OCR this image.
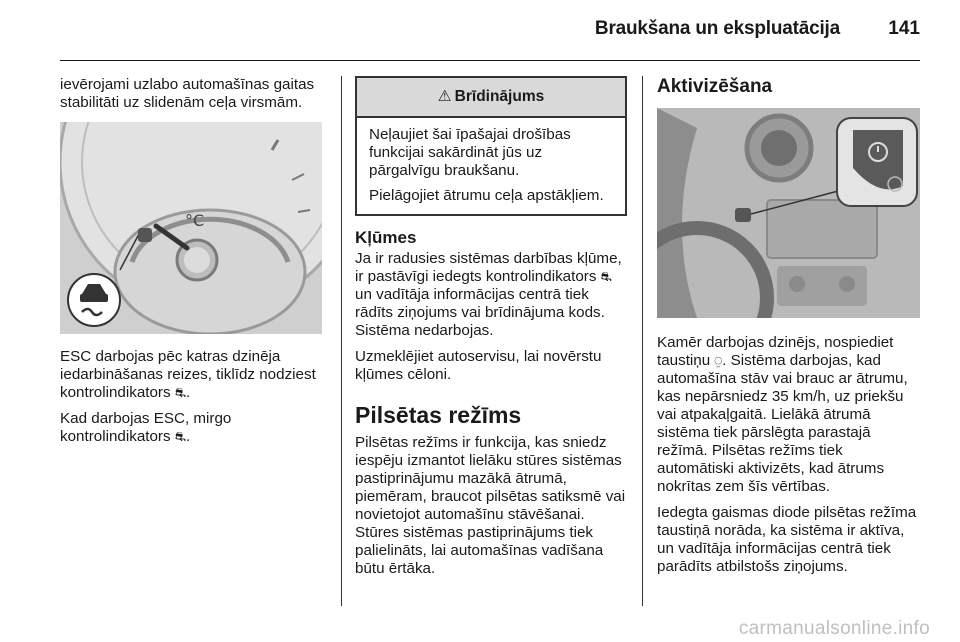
Braukšana un ekspluatācija	141

ievērojami uzlabo automašīnas gaitas stabilitāti uz slidenām ceļa virsmām.

°C

ESC darbojas pēc katras dzinēja iedarbināšanas reizes, tiklīdz nodziest kontrolindikators ⛐.

Kad darbojas ESC, mirgo kontrolindikators ⛐.

⚠ Brīdinājums

Neļaujiet šai īpašajai drošības funkcijai sakārdināt jūs uz pārgalvīgu braukšanu.

Pielāgojiet ātrumu ceļa apstākļiem.

Kļūmes

Ja ir radusies sistēmas darbības kļūme, ir pastāvīgi iedegts kontrolindikators ⛐ un vadītāja informācijas centrā tiek rādīts ziņojums vai brīdinājuma kods. Sistēma nedarbojas.

Uzmeklējiet autoservisu, lai novērstu kļūmes cēloni.

Pilsētas režīms

Pilsētas režīms ir funkcija, kas sniedz iespēju izmantot lielāku stūres sistēmas pastiprinājumu mazākā ātrumā, piemēram, braucot pilsētas satiksmē vai novietojot automašīnu stāvēšanai. Stūres sistēmas pastiprinājums tiek palielināts, lai automašīnas vadīšana būtu ērtāka.

Aktivizēšana

Kamēr darbojas dzinējs, nospiediet taustiņu ⍜. Sistēma darbojas, kad automašīna stāv vai brauc ar ātrumu, kas nepārsniedz 35 km/h, uz priekšu vai atpakaļgaitā. Lielākā ātrumā sistēma tiek pārslēgta parastajā režīmā. Pilsētas režīms tiek automātiski aktivizēts, kad ātrums nokrītas zem šīs vērtības.

Iedegta gaismas diode pilsētas režīma taustiņā norāda, ka sistēma ir aktīva, un vadītāja informācijas centrā tiek parādīts atbilstošs ziņojums.

carmanualsonline.info
